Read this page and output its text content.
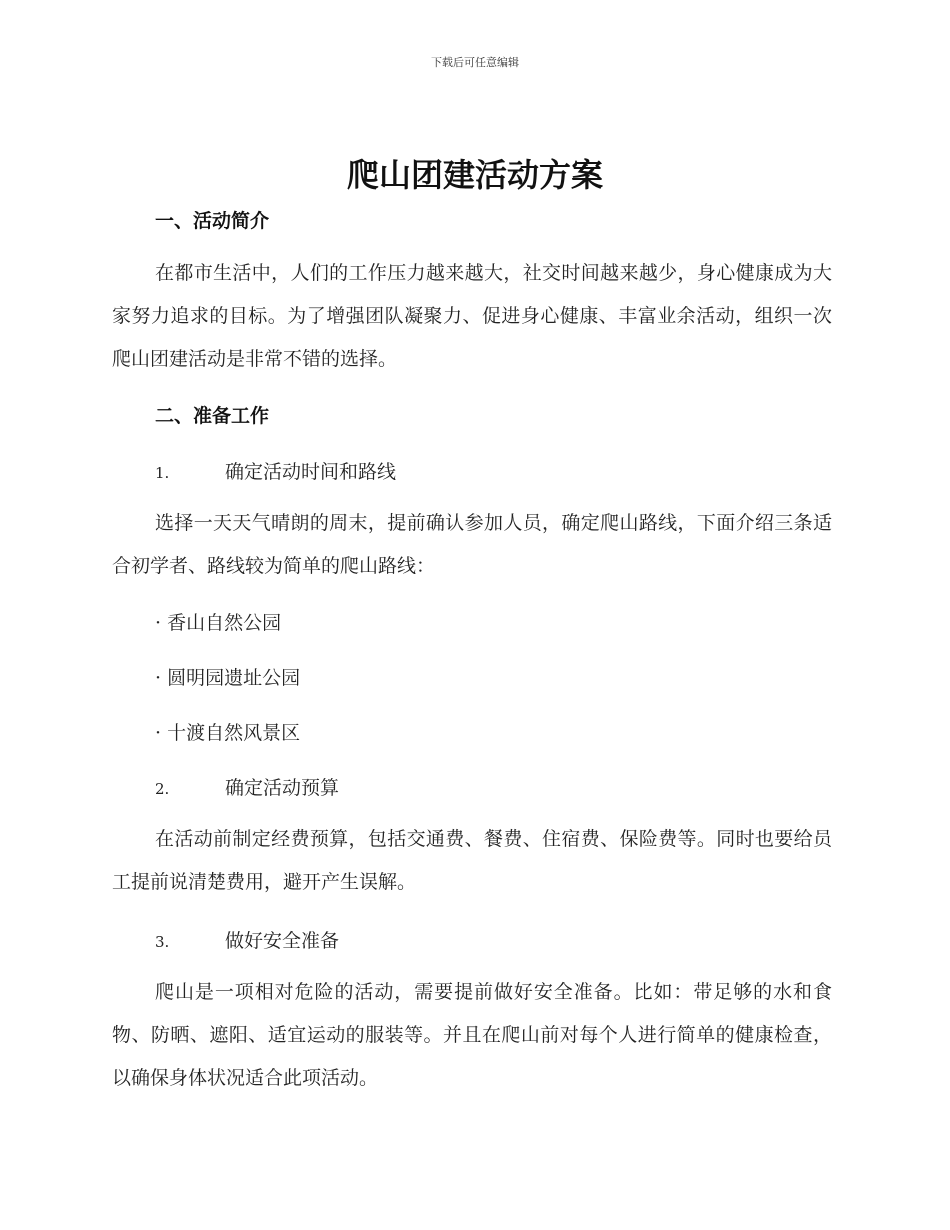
下载后可任意编辑
爬山团建活动方案
一、活动简介
在都市生活中，人们的工作压力越来越大，社交时间越来越少，身心健康成为大家努力追求的目标。为了增强团队凝聚力、促进身心健康、丰富业余活动，组织一次爬山团建活动是非常不错的选择。
二、准备工作
1.	确定活动时间和路线
选择一天天气晴朗的周末，提前确认参加人员，确定爬山路线，下面介绍三条适合初学者、路线较为简单的爬山路线：
· 香山自然公园
· 圆明园遗址公园
· 十渡自然风景区
2.	确定活动预算
在活动前制定经费预算，包括交通费、餐费、住宿费、保险费等。同时也要给员工提前说清楚费用，避开产生误解。
3.	做好安全准备
爬山是一项相对危险的活动，需要提前做好安全准备。比如：带足够的水和食物、防晒、遮阳、适宜运动的服装等。并且在爬山前对每个人进行简单的健康检查，以确保身体状况适合此项活动。
